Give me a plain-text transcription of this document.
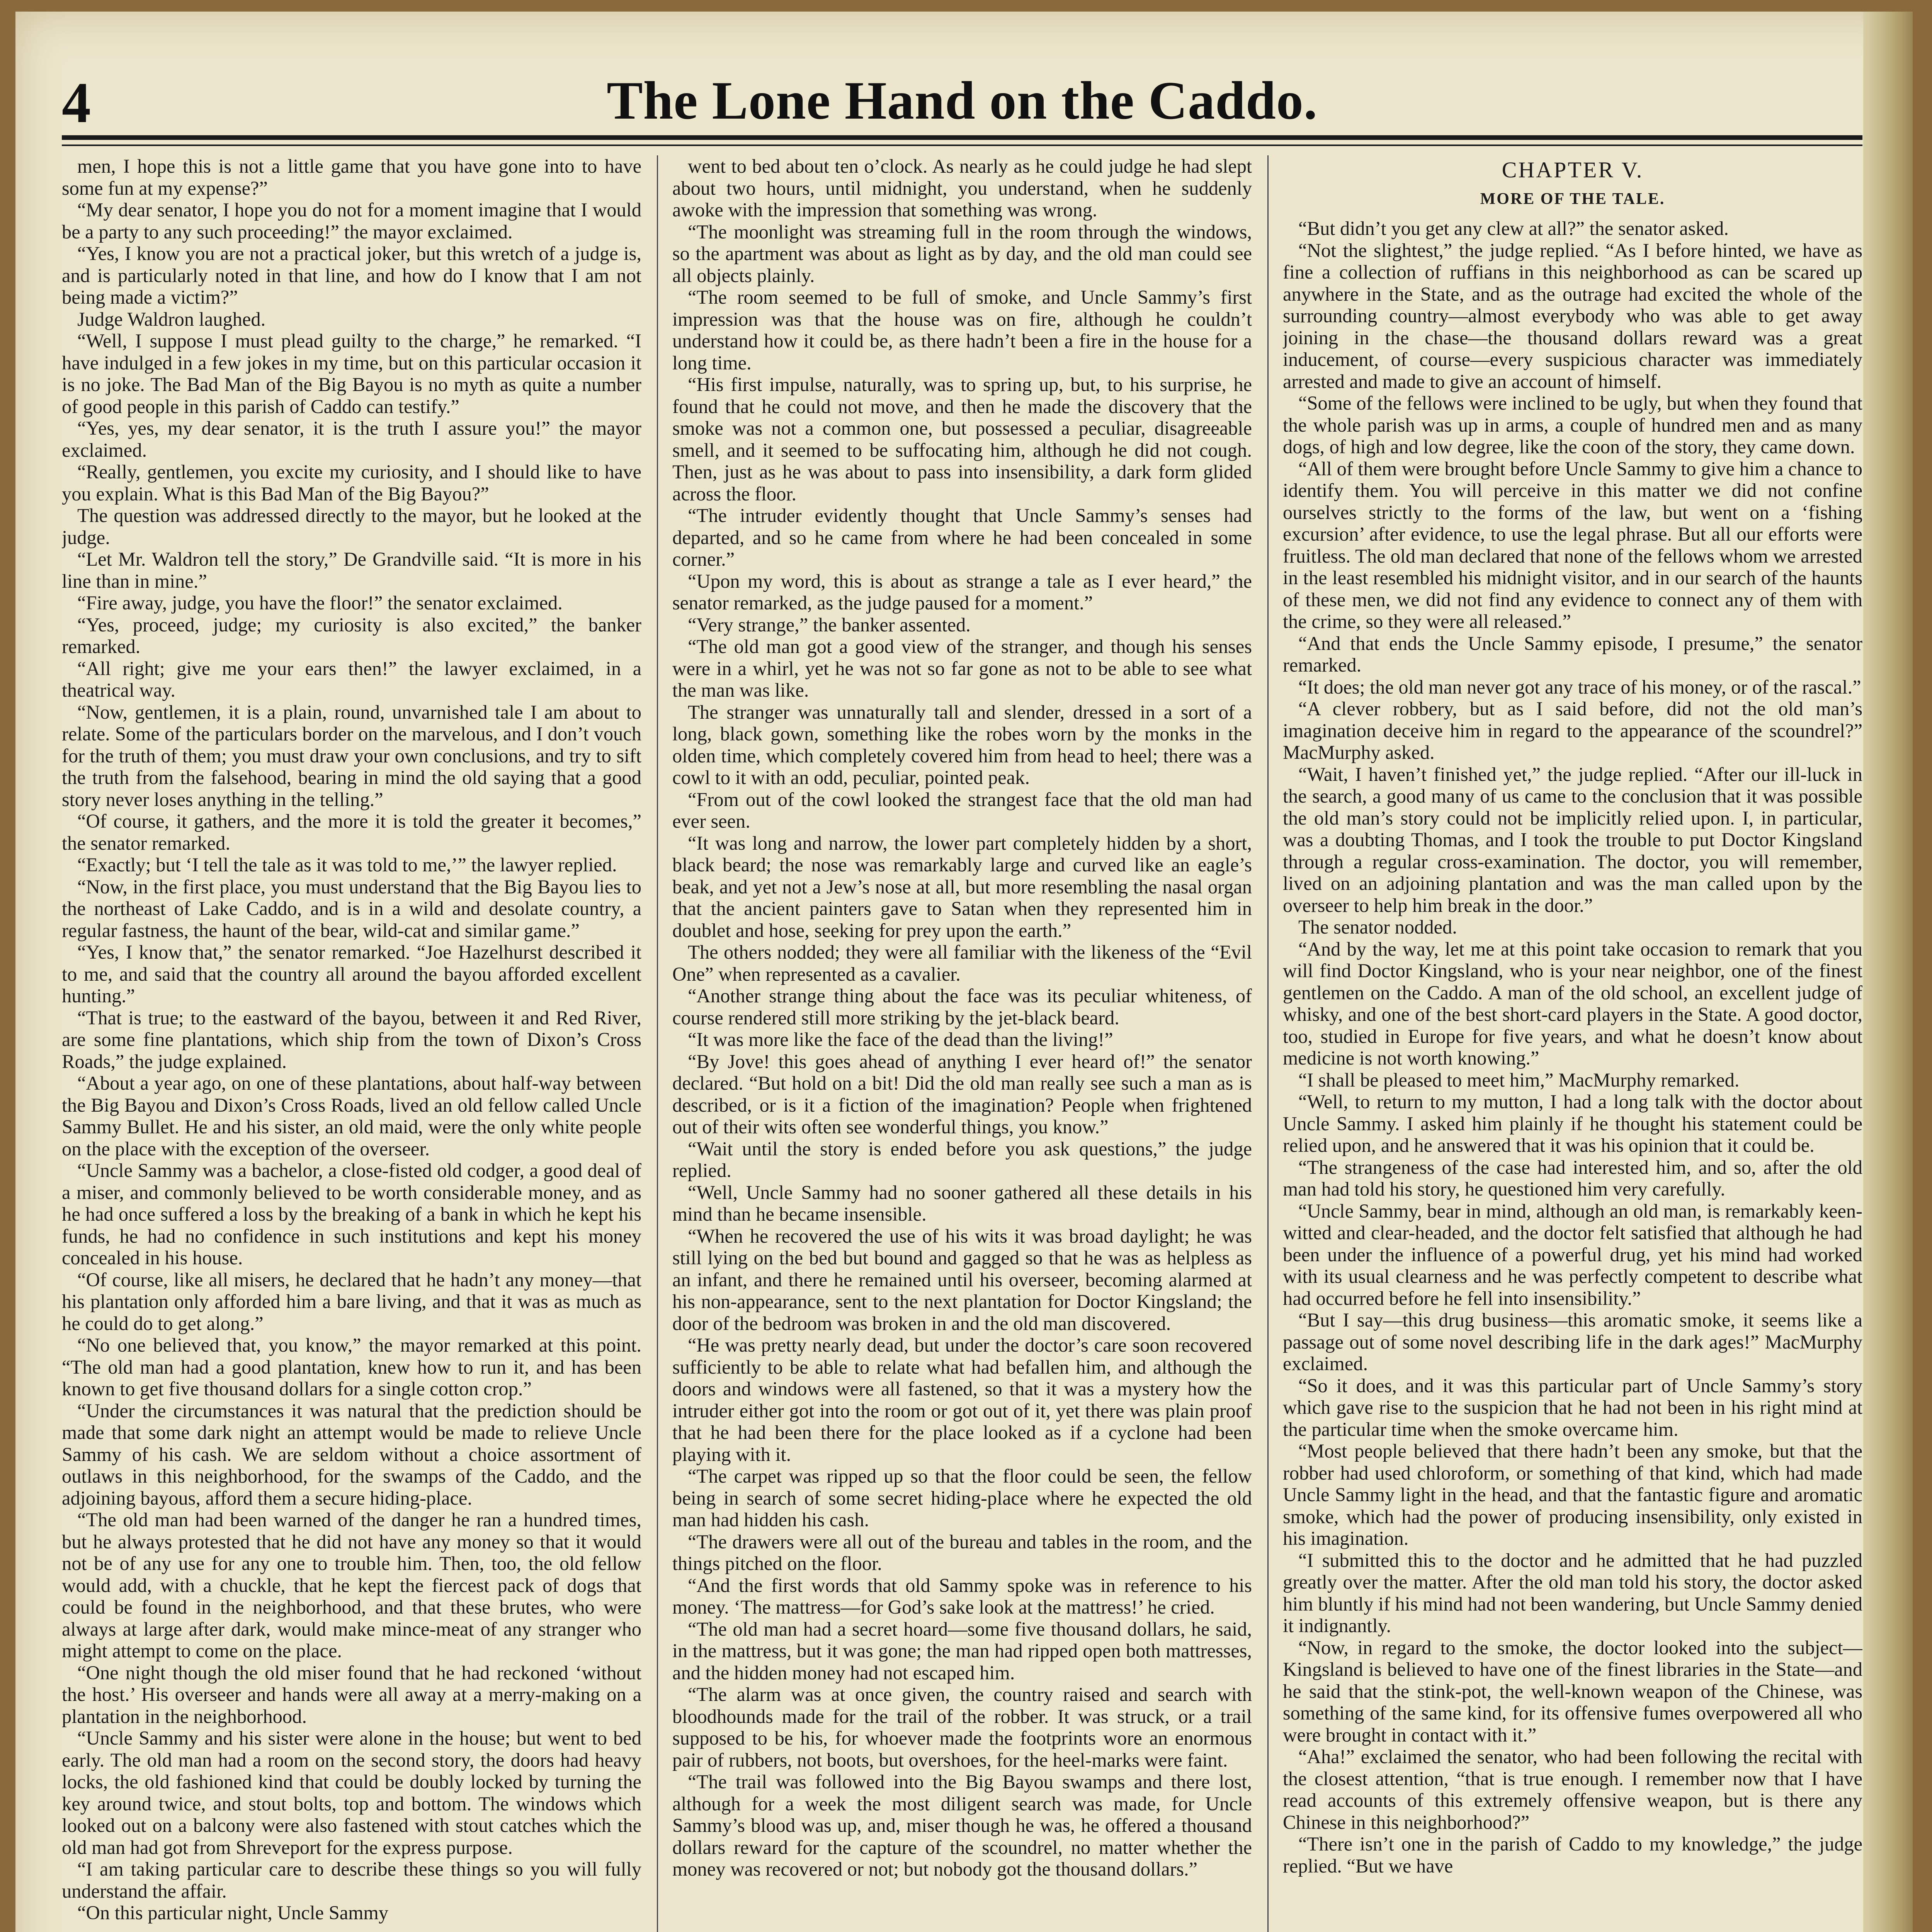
4	The Lone Hand on the Caddo.

men, I hope this is not a little game that you have gone into to have some fun at my expense?”

“My dear senator, I hope you do not for a moment imagine that I would be a party to any such proceeding!” the mayor exclaimed.

“Yes, I know you are not a practical joker, but this wretch of a judge is, and is particularly noted in that line, and how do I know that I am not being made a victim?”

Judge Waldron laughed.

“Well, I suppose I must plead guilty to the charge,” he remarked. “I have indulged in a few jokes in my time, but on this particular occasion it is no joke. The Bad Man of the Big Bayou is no myth as quite a number of good people in this parish of Caddo can testify.”

“Yes, yes, my dear senator, it is the truth I assure you!” the mayor exclaimed.

“Really, gentlemen, you excite my curiosity, and I should like to have you explain. What is this Bad Man of the Big Bayou?”

The question was addressed directly to the mayor, but he looked at the judge.

“Let Mr. Waldron tell the story,” De Grandville said. “It is more in his line than in mine.”

“Fire away, judge, you have the floor!” the senator exclaimed.

“Yes, proceed, judge; my curiosity is also excited,” the banker remarked.

“All right; give me your ears then!” the lawyer exclaimed, in a theatrical way.

“Now, gentlemen, it is a plain, round, unvarnished tale I am about to relate. Some of the particulars border on the marvelous, and I don’t vouch for the truth of them; you must draw your own conclusions, and try to sift the truth from the falsehood, bearing in mind the old saying that a good story never loses anything in the telling.”

“Of course, it gathers, and the more it is told the greater it becomes,” the senator remarked.

“Exactly; but ‘I tell the tale as it was told to me,’” the lawyer replied.

“Now, in the first place, you must understand that the Big Bayou lies to the northeast of Lake Caddo, and is in a wild and desolate country, a regular fastness, the haunt of the bear, wild-cat and similar game.”

“Yes, I know that,” the senator remarked. “Joe Hazelhurst described it to me, and said that the country all around the bayou afforded excellent hunting.”

“That is true; to the eastward of the bayou, between it and Red River, are some fine plantations, which ship from the town of Dixon’s Cross Roads,” the judge explained.

“About a year ago, on one of these plantations, about half-way between the Big Bayou and Dixon’s Cross Roads, lived an old fellow called Uncle Sammy Bullet. He and his sister, an old maid, were the only white people on the place with the exception of the overseer.

“Uncle Sammy was a bachelor, a close-fisted old codger, a good deal of a miser, and commonly believed to be worth considerable money, and as he had once suffered a loss by the breaking of a bank in which he kept his funds, he had no confidence in such institutions and kept his money concealed in his house.

“Of course, like all misers, he declared that he hadn’t any money—that his plantation only afforded him a bare living, and that it was as much as he could do to get along.”

“No one believed that, you know,” the mayor remarked at this point. “The old man had a good plantation, knew how to run it, and has been known to get five thousand dollars for a single cotton crop.”

“Under the circumstances it was natural that the prediction should be made that some dark night an attempt would be made to relieve Uncle Sammy of his cash. We are seldom without a choice assortment of outlaws in this neighborhood, for the swamps of the Caddo, and the adjoining bayous, afford them a secure hiding-place.

“The old man had been warned of the danger he ran a hundred times, but he always protested that he did not have any money so that it would not be of any use for any one to trouble him. Then, too, the old fellow would add, with a chuckle, that he kept the fiercest pack of dogs that could be found in the neighborhood, and that these brutes, who were always at large after dark, would make mince-meat of any stranger who might attempt to come on the place.

“One night though the old miser found that he had reckoned ‘without the host.’ His overseer and hands were all away at a merry-making on a plantation in the neighborhood.

“Uncle Sammy and his sister were alone in the house; but went to bed early. The old man had a room on the second story, the doors had heavy locks, the old fashioned kind that could be doubly locked by turning the key around twice, and stout bolts, top and bottom. The windows which looked out on a balcony were also fastened with stout catches which the old man had got from Shreveport for the express purpose.

“I am taking particular care to describe these things so you will fully understand the affair.

“On this particular night, Uncle Sammy

went to bed about ten o’clock. As nearly as he could judge he had slept about two hours, until midnight, you understand, when he suddenly awoke with the impression that something was wrong.

“The moonlight was streaming full in the room through the windows, so the apartment was about as light as by day, and the old man could see all objects plainly.

“The room seemed to be full of smoke, and Uncle Sammy’s first impression was that the house was on fire, although he couldn’t understand how it could be, as there hadn’t been a fire in the house for a long time.

“His first impulse, naturally, was to spring up, but, to his surprise, he found that he could not move, and then he made the discovery that the smoke was not a common one, but possessed a peculiar, disagreeable smell, and it seemed to be suffocating him, although he did not cough. Then, just as he was about to pass into insensibility, a dark form glided across the floor.

“The intruder evidently thought that Uncle Sammy’s senses had departed, and so he came from where he had been concealed in some corner.”

“Upon my word, this is about as strange a tale as I ever heard,” the senator remarked, as the judge paused for a moment.”

“Very strange,” the banker assented.

“The old man got a good view of the stranger, and though his senses were in a whirl, yet he was not so far gone as not to be able to see what the man was like.

The stranger was unnaturally tall and slender, dressed in a sort of a long, black gown, something like the robes worn by the monks in the olden time, which completely covered him from head to heel; there was a cowl to it with an odd, peculiar, pointed peak.

“From out of the cowl looked the strangest face that the old man had ever seen.

“It was long and narrow, the lower part completely hidden by a short, black beard; the nose was remarkably large and curved like an eagle’s beak, and yet not a Jew’s nose at all, but more resembling the nasal organ that the ancient painters gave to Satan when they represented him in doublet and hose, seeking for prey upon the earth.”

The others nodded; they were all familiar with the likeness of the “Evil One” when represented as a cavalier.

“Another strange thing about the face was its peculiar whiteness, of course rendered still more striking by the jet-black beard.

“It was more like the face of the dead than the living!”

“By Jove! this goes ahead of anything I ever heard of!” the senator declared. “But hold on a bit! Did the old man really see such a man as is described, or is it a fiction of the imagination? People when frightened out of their wits often see wonderful things, you know.”

“Wait until the story is ended before you ask questions,” the judge replied.

“Well, Uncle Sammy had no sooner gathered all these details in his mind than he became insensible.

“When he recovered the use of his wits it was broad daylight; he was still lying on the bed but bound and gagged so that he was as helpless as an infant, and there he remained until his overseer, becoming alarmed at his non-appearance, sent to the next plantation for Doctor Kingsland; the door of the bedroom was broken in and the old man discovered.

“He was pretty nearly dead, but under the doctor’s care soon recovered sufficiently to be able to relate what had befallen him, and although the doors and windows were all fastened, so that it was a mystery how the intruder either got into the room or got out of it, yet there was plain proof that he had been there for the place looked as if a cyclone had been playing with it.

“The carpet was ripped up so that the floor could be seen, the fellow being in search of some secret hiding-place where he expected the old man had hidden his cash.

“The drawers were all out of the bureau and tables in the room, and the things pitched on the floor.

“And the first words that old Sammy spoke was in reference to his money. ‘The mattress—for God’s sake look at the mattress!’ he cried.

“The old man had a secret hoard—some five thousand dollars, he said, in the mattress, but it was gone; the man had ripped open both mattresses, and the hidden money had not escaped him.

“The alarm was at once given, the country raised and search with bloodhounds made for the trail of the robber. It was struck, or a trail supposed to be his, for whoever made the footprints wore an enormous pair of rubbers, not boots, but overshoes, for the heel-marks were faint.

“The trail was followed into the Big Bayou swamps and there lost, although for a week the most diligent search was made, for Uncle Sammy’s blood was up, and, miser though he was, he offered a thousand dollars reward for the capture of the scoundrel, no matter whether the money was recovered or not; but nobody got the thousand dollars.”

CHAPTER V.
MORE OF THE TALE.

“But didn’t you get any clew at all?” the senator asked.

“Not the slightest,” the judge replied. “As I before hinted, we have as fine a collection of ruffians in this neighborhood as can be scared up anywhere in the State, and as the outrage had excited the whole of the surrounding country—almost everybody who was able to get away joining in the chase—the thousand dollars reward was a great inducement, of course—every suspicious character was immediately arrested and made to give an account of himself.

“Some of the fellows were inclined to be ugly, but when they found that the whole parish was up in arms, a couple of hundred men and as many dogs, of high and low degree, like the coon of the story, they came down.

“All of them were brought before Uncle Sammy to give him a chance to identify them. You will perceive in this matter we did not confine ourselves strictly to the forms of the law, but went on a ‘fishing excursion’ after evidence, to use the legal phrase. But all our efforts were fruitless. The old man declared that none of the fellows whom we arrested in the least resembled his midnight visitor, and in our search of the haunts of these men, we did not find any evidence to connect any of them with the crime, so they were all released.”

“And that ends the Uncle Sammy episode, I presume,” the senator remarked.

“It does; the old man never got any trace of his money, or of the rascal.”

“A clever robbery, but as I said before, did not the old man’s imagination deceive him in regard to the appearance of the scoundrel?” MacMurphy asked.

“Wait, I haven’t finished yet,” the judge replied. “After our ill-luck in the search, a good many of us came to the conclusion that it was possible the old man’s story could not be implicitly relied upon. I, in particular, was a doubting Thomas, and I took the trouble to put Doctor Kingsland through a regular cross-examination. The doctor, you will remember, lived on an adjoining plantation and was the man called upon by the overseer to help him break in the door.”

The senator nodded.

“And by the way, let me at this point take occasion to remark that you will find Doctor Kingsland, who is your near neighbor, one of the finest gentlemen on the Caddo. A man of the old school, an excellent judge of whisky, and one of the best short-card players in the State. A good doctor, too, studied in Europe for five years, and what he doesn’t know about medicine is not worth knowing.”

“I shall be pleased to meet him,” MacMurphy remarked.

“Well, to return to my mutton, I had a long talk with the doctor about Uncle Sammy. I asked him plainly if he thought his statement could be relied upon, and he answered that it was his opinion that it could be.

“The strangeness of the case had interested him, and so, after the old man had told his story, he questioned him very carefully.

“Uncle Sammy, bear in mind, although an old man, is remarkably keen-witted and clear-headed, and the doctor felt satisfied that although he had been under the influence of a powerful drug, yet his mind had worked with its usual clearness and he was perfectly competent to describe what had occurred before he fell into insensibility.”

“But I say—this drug business—this aromatic smoke, it seems like a passage out of some novel describing life in the dark ages!” MacMurphy exclaimed.

“So it does, and it was this particular part of Uncle Sammy’s story which gave rise to the suspicion that he had not been in his right mind at the particular time when the smoke overcame him.

“Most people believed that there hadn’t been any smoke, but that the robber had used chloroform, or something of that kind, which had made Uncle Sammy light in the head, and that the fantastic figure and aromatic smoke, which had the power of producing insensibility, only existed in his imagination.

“I submitted this to the doctor and he admitted that he had puzzled greatly over the matter. After the old man told his story, the doctor asked him bluntly if his mind had not been wandering, but Uncle Sammy denied it indignantly.

“Now, in regard to the smoke, the doctor looked into the subject—Kingsland is believed to have one of the finest libraries in the State—and he said that the stink-pot, the well-known weapon of the Chinese, was something of the same kind, for its offensive fumes overpowered all who were brought in contact with it.”

“Aha!” exclaimed the senator, who had been following the recital with the closest attention, “that is true enough. I remember now that I have read accounts of this extremely offensive weapon, but is there any Chinese in this neighborhood?”

“There isn’t one in the parish of Caddo to my knowledge,” the judge replied. “But we have
